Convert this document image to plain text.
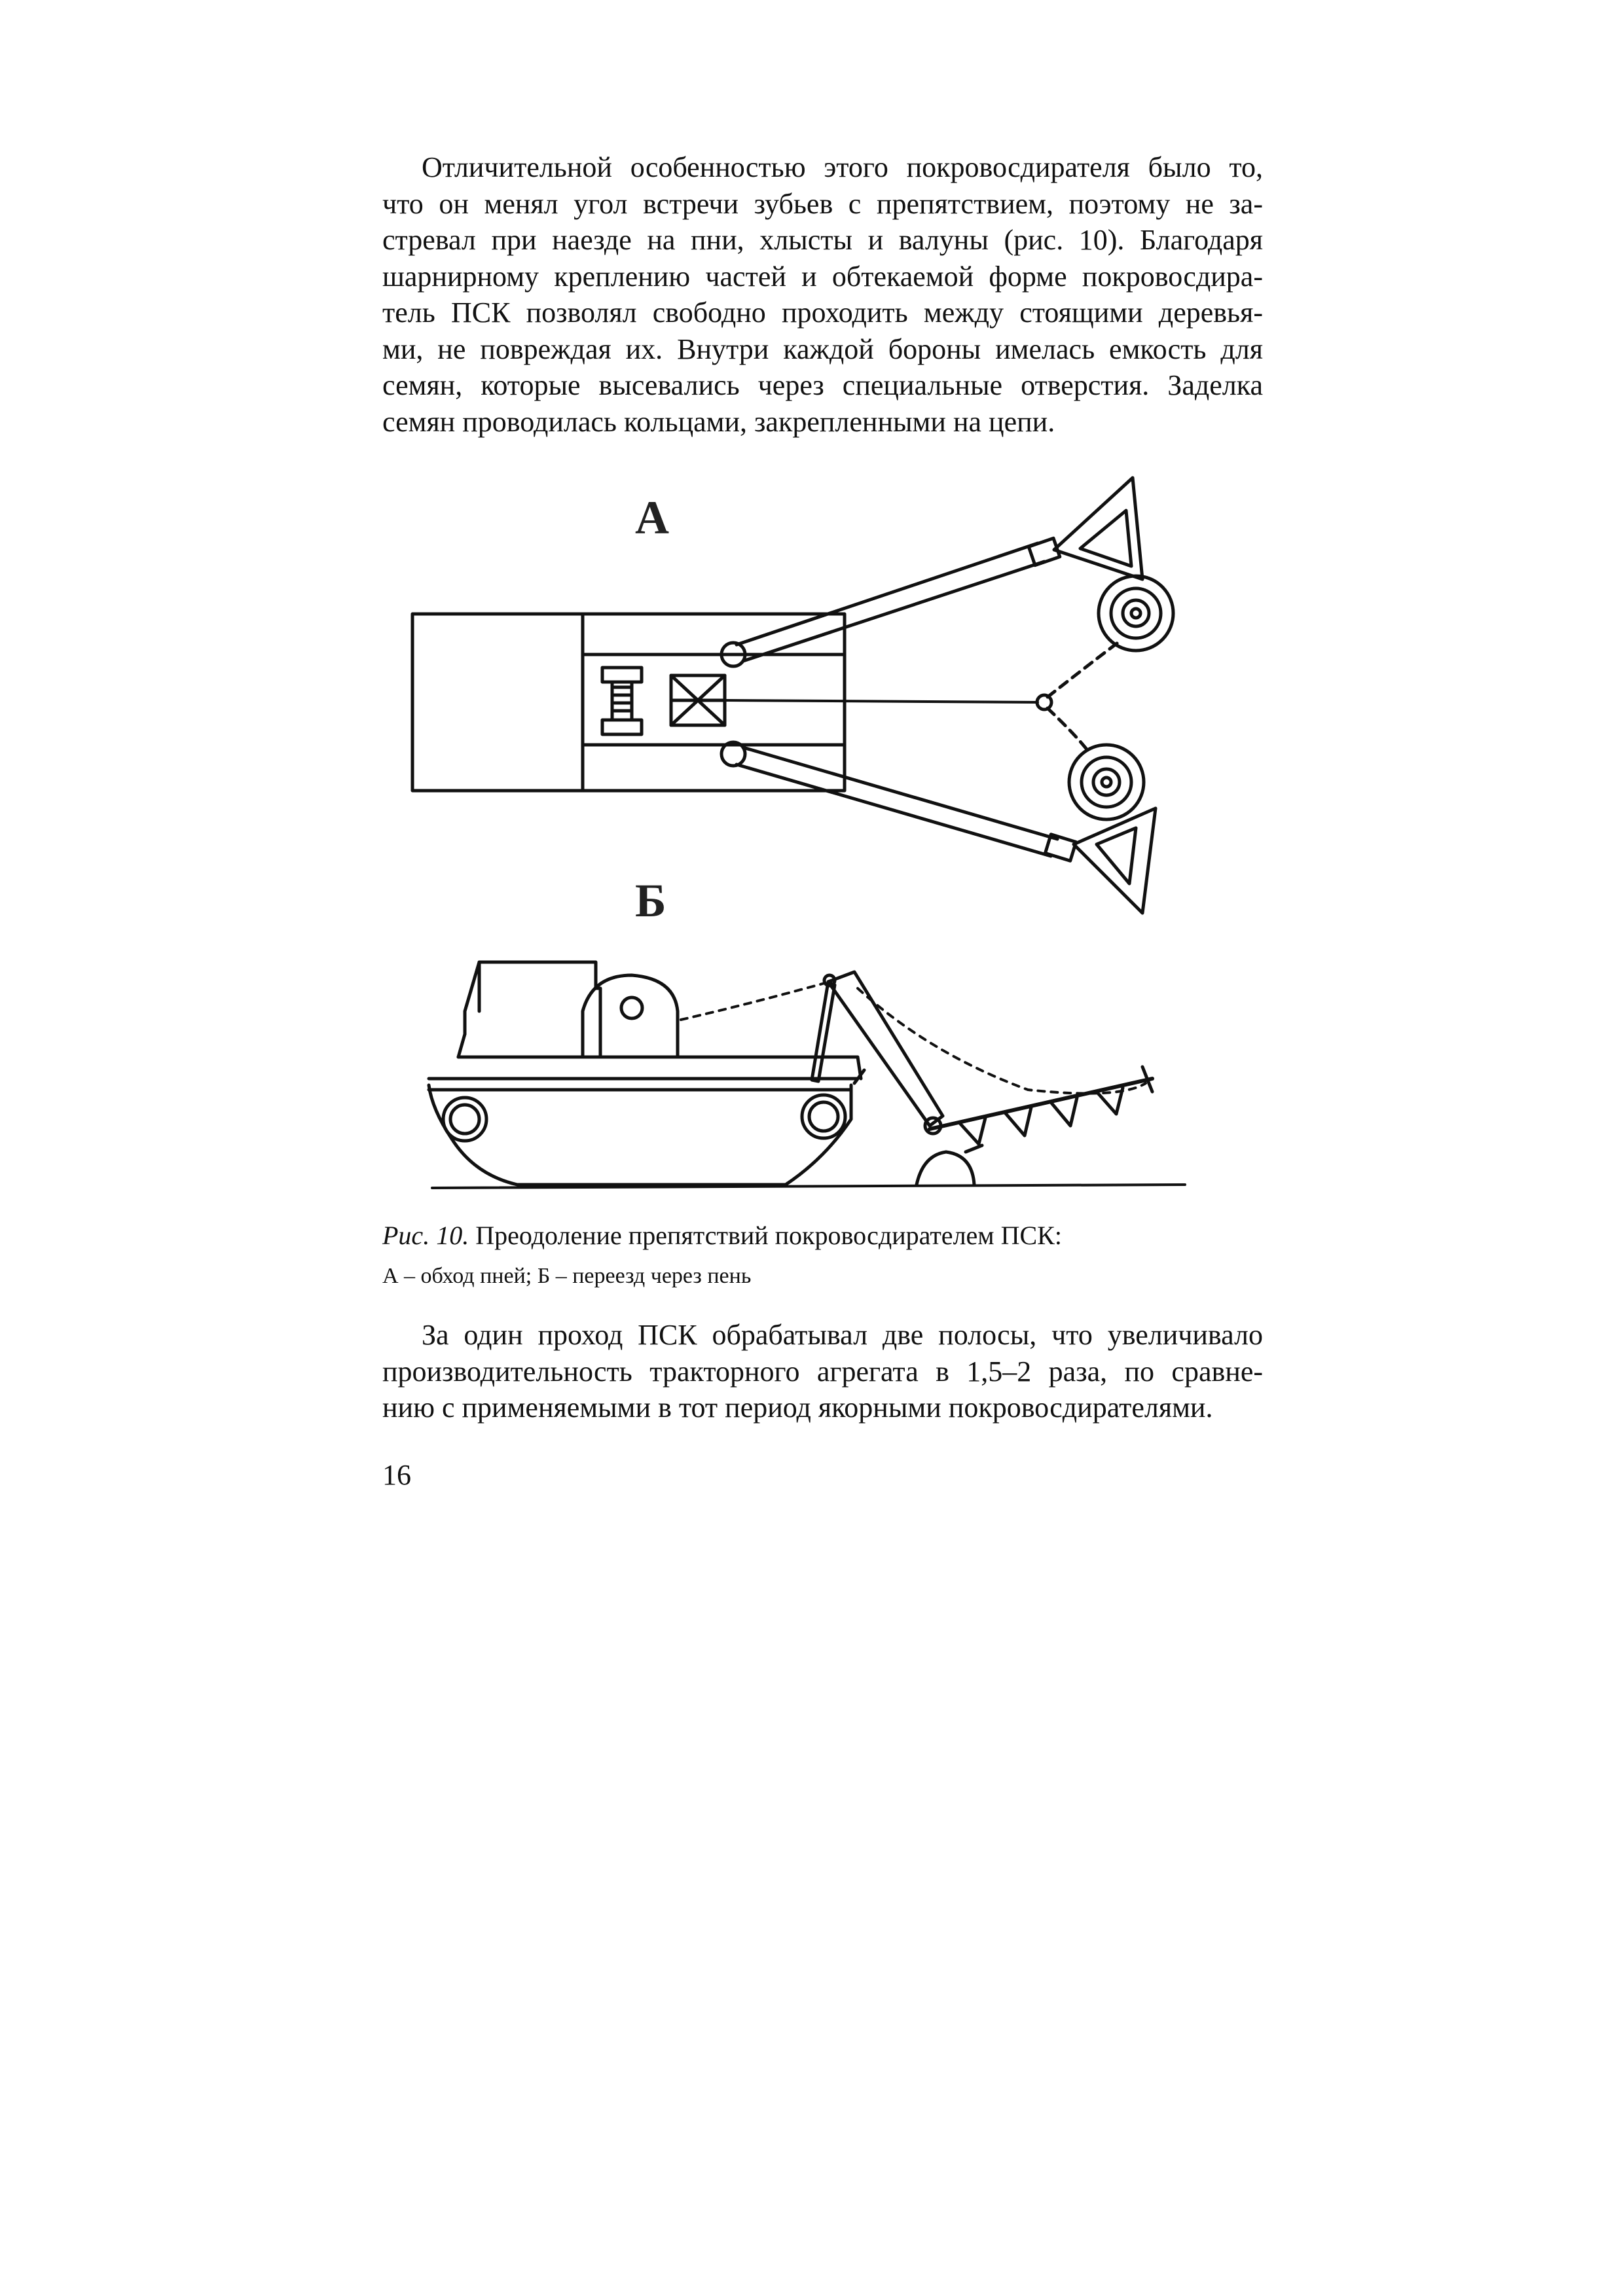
Отличительной особенностью этого покровосдирателя было то,
что он менял угол встречи зубьев с препятствием, поэтому не за-
стревал при наезде на пни, хлысты и валуны (рис. 10). Благодаря
шарнирному креплению частей и обтекаемой форме покровосдира-
тель ПСК позволял свободно проходить между стоящими деревья-
ми, не повреждая их. Внутри каждой бороны имелась емкость для
семян, которые высевались через специальные отверстия. Заделка
семян проводилась кольцами, закрепленными на цепи.

А
Б
Рис. 10. Преодоление препятствий покровосдирателем ПСК:
А – обход пней; Б – переезд через пень

За один проход ПСК обрабатывал две полосы, что увеличивало
производительность тракторного агрегата в 1,5–2 раза, по сравне-
нию с применяемыми в тот период якорными покровосдирателями.

16
